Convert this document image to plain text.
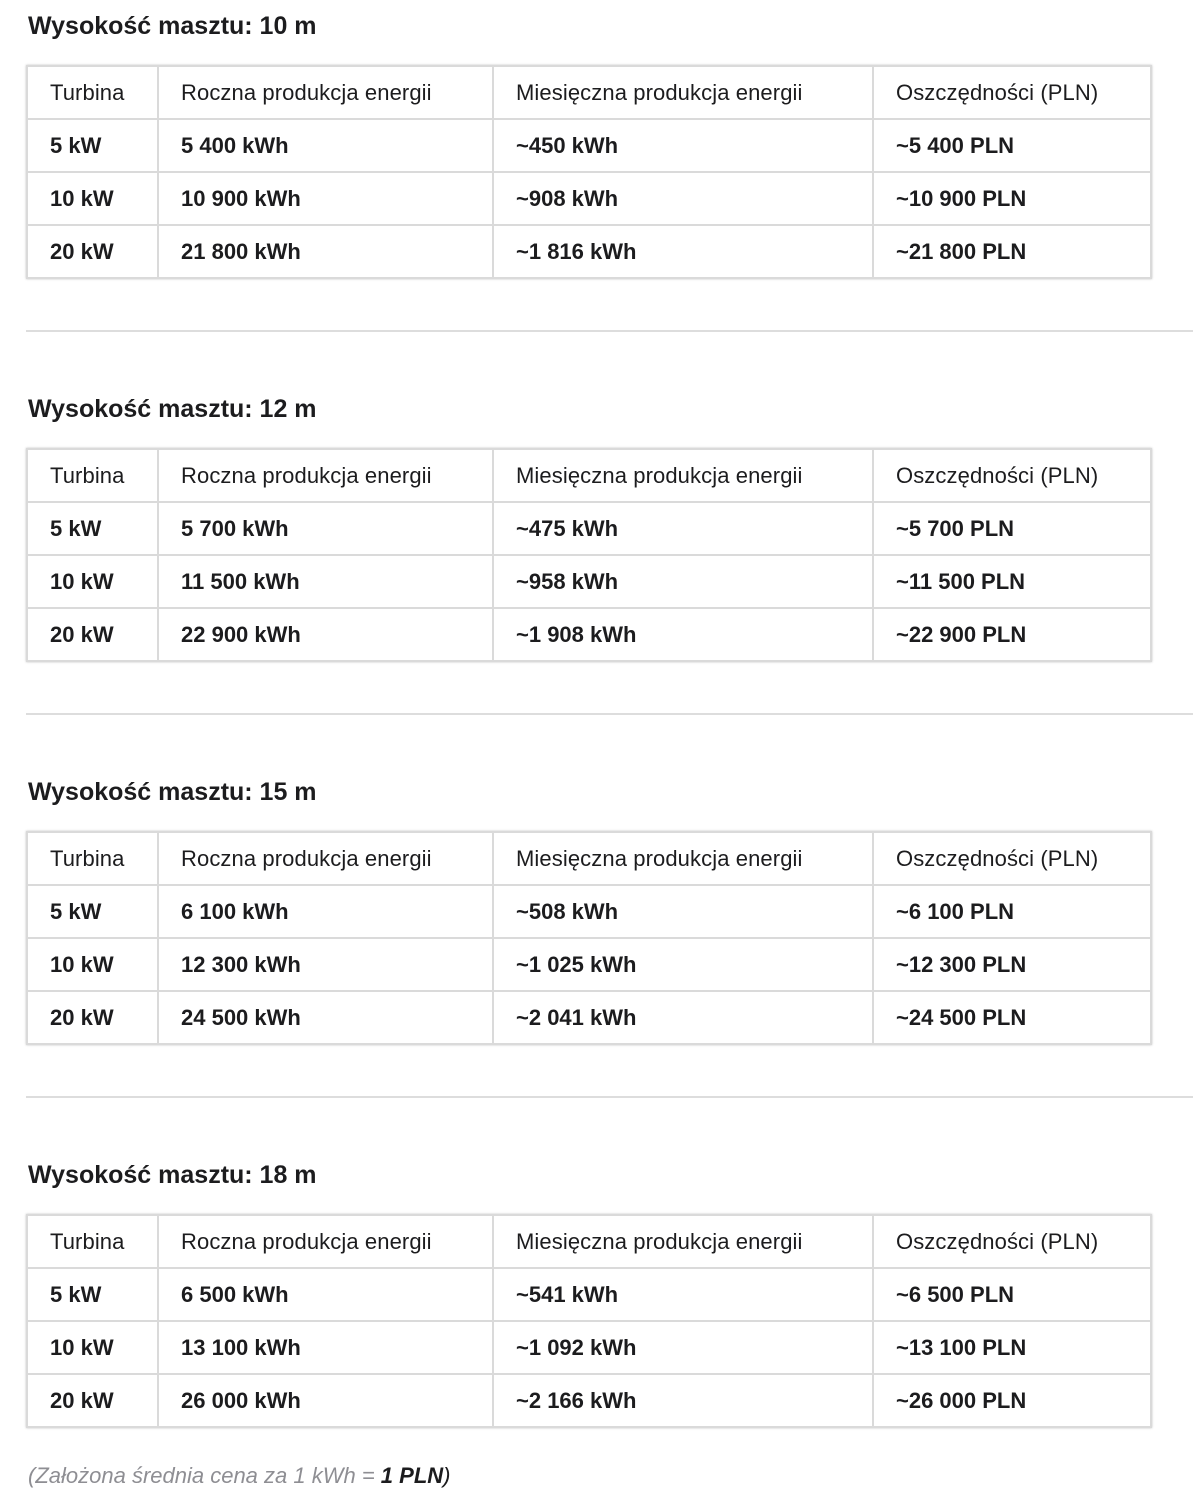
Wysokość masztu: 10 m
Turbina	Roczna produkcja energii	Miesięczna produkcja energii	Oszczędności (PLN)
5 kW	5 400 kWh	~450 kWh	~5 400 PLN
10 kW	10 900 kWh	~908 kWh	~10 900 PLN
20 kW	21 800 kWh	~1 816 kWh	~21 800 PLN
Wysokość masztu: 12 m
Turbina	Roczna produkcja energii	Miesięczna produkcja energii	Oszczędności (PLN)
5 kW	5 700 kWh	~475 kWh	~5 700 PLN
10 kW	11 500 kWh	~958 kWh	~11 500 PLN
20 kW	22 900 kWh	~1 908 kWh	~22 900 PLN
Wysokość masztu: 15 m
Turbina	Roczna produkcja energii	Miesięczna produkcja energii	Oszczędności (PLN)
5 kW	6 100 kWh	~508 kWh	~6 100 PLN
10 kW	12 300 kWh	~1 025 kWh	~12 300 PLN
20 kW	24 500 kWh	~2 041 kWh	~24 500 PLN
Wysokość masztu: 18 m
Turbina	Roczna produkcja energii	Miesięczna produkcja energii	Oszczędności (PLN)
5 kW	6 500 kWh	~541 kWh	~6 500 PLN
10 kW	13 100 kWh	~1 092 kWh	~13 100 PLN
20 kW	26 000 kWh	~2 166 kWh	~26 000 PLN

(Założona średnia cena za 1 kWh = 1 PLN)
